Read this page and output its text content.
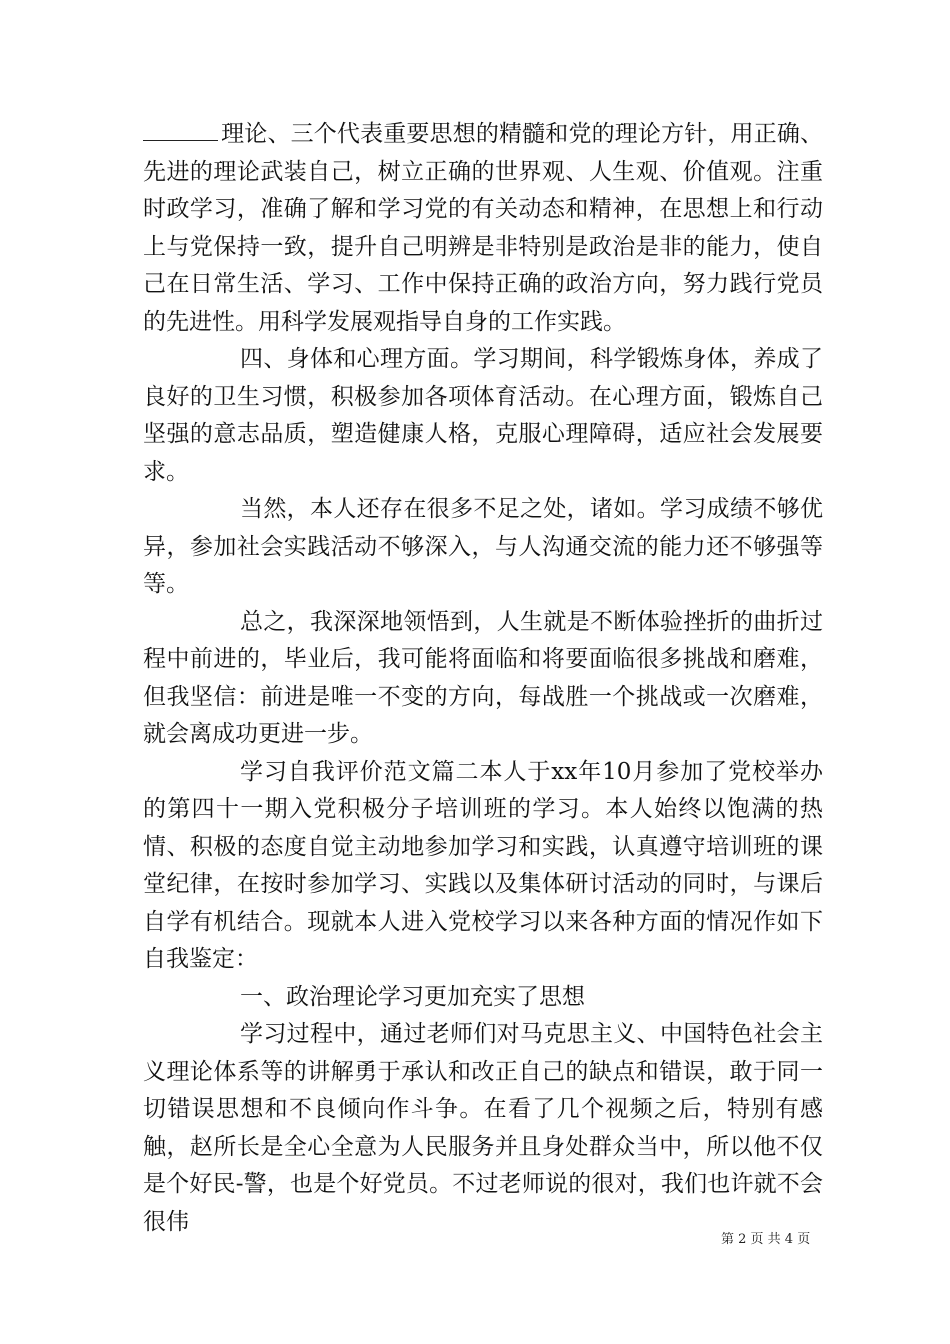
理论、三个代表重要思想的精髓和党的理论方针，用正确、先进的理论武装自己，树立正确的世界观、人生观、价值观。注重时政学习，准确了解和学习党的有关动态和精神，在思想上和行动上与党保持一致，提升自己明辨是非特别是政治是非的能力，使自己在日常生活、学习、工作中保持正确的政治方向，努力践行党员的先进性。用科学发展观指导自身的工作实践。

四、身体和心理方面。学习期间，科学锻炼身体，养成了良好的卫生习惯，积极参加各项体育活动。在心理方面，锻炼自己坚强的意志品质，塑造健康人格，克服心理障碍，适应社会发展要求。

当然，本人还存在很多不足之处，诸如。学习成绩不够优异，参加社会实践活动不够深入，与人沟通交流的能力还不够强等等。

总之，我深深地领悟到，人生就是不断体验挫折的曲折过程中前进的，毕业后，我可能将面临和将要面临很多挑战和磨难，但我坚信：前进是唯一不变的方向，每战胜一个挑战或一次磨难，就会离成功更进一步。

学习自我评价范文篇二本人于xx年10月参加了党校举办的第四十一期入党积极分子培训班的学习。本人始终以饱满的热情、积极的态度自觉主动地参加学习和实践，认真遵守培训班的课堂纪律，在按时参加学习、实践以及集体研讨活动的同时，与课后自学有机结合。现就本人进入党校学习以来各种方面的情况作如下自我鉴定：

一、政治理论学习更加充实了思想

学习过程中，通过老师们对马克思主义、中国特色社会主义理论体系等的讲解勇于承认和改正自己的缺点和错误，敢于同一切错误思想和不良倾向作斗争。在看了几个视频之后，特别有感触，赵所长是全心全意为人民服务并且身处群众当中，所以他不仅是个好民-警，也是个好党员。不过老师说的很对，我们也许就不会很伟

第 2 页 共 4 页
